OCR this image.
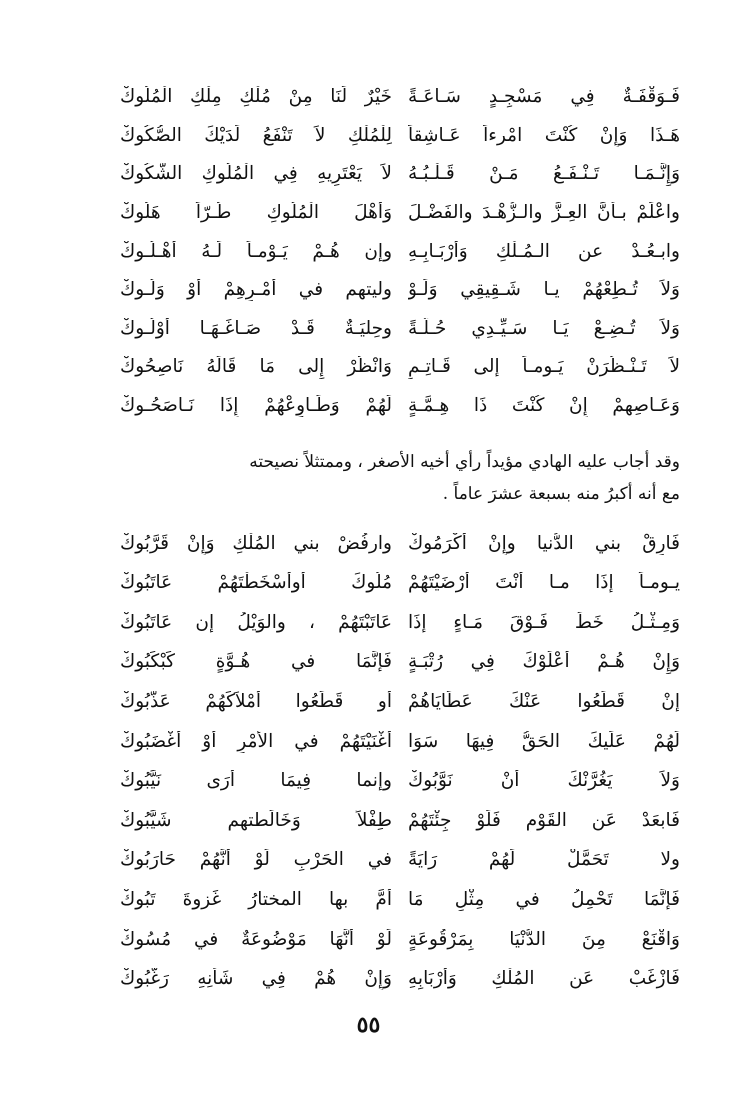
فَـوَقْفَـةٌ فِي مَسْجِـدٍ سَـاعَـةً
خَيْرٌ لَنَا مِنْ مُلْكِ مِلْكِ الْمُلُوكْ
هَـذَا وَإِنْ كُنْتَ امْرءاً عَـاشِقاً
لِلْمُلْكِ لاَ تَنْفَعُ لَدَيْكَ الصُّكُوكْ
وَإِنَّـمَـا تَـنْـفَـعُ مَـنْ قَـلْـبُـهُ
لاَ يَعْتَرِيهِ فِي الْمُلُوكِ الشُّكُوكْ
واعْلَمْ بـأنَّ العِـزَّ والـزُّهْـدَ والفَضْـلَ
وَأَهْلَ الْمُلُوكِ طُـرّاً هَلُوكْ
وابـعُـدْ عن الـمُـلْكِ وَأَرْبَـابِـهِ
وإن هُـمْ يَـوْمـاً لَـهُ أهْـلُـوكْ
وَلاَ تُـطِعْهُمْ يـا شَـقِيقِي وَلَـوْ
وليتهم في أَمْـرِهِمْ أَوْ وَلُـوكْ
وَلاَ تُـضِـعْ يَـا سَـيِّـدِي حُـلَّـةً
وحِليَـةٌ قَـدْ صَـاغَـهَـا أَوْلُـوكْ
لاَ تَـنْـظُرَنْ يَـومـاً إلى قَـاتِـمٍ
وَانْظُرْ إِلى مَا قَالَهُ نَاصِحُوكْ
وَعَـاصِهِمْ إِنْ كُنْتَ ذَا هِـمَّـةٍ
لَهُمْ وَطَـاوِعْهُمْ إِذَا نَـاصَحُـوكْ
وقد أجاب عليه الهادي مؤيداً رأي أخيه الأصغر ، وممتثلاً نصيحته
مع أنه أكبرُ منه بسبعة عشرَ عاماً .
فَارِقْ بني الدُّنيا وإِنْ أكْرَمُوكْ
وارفُضْ بني المُلْكِ وَإِنْ قَرَّبُوكْ
يـومـاً إذَا مـا أنْتَ أَرْضَيْتَهُمْ
مُلُوكَ أوأَسْخَطْتَهُمْ عَاتَبُوكْ
وَمِـثْـلُ خَطٍّ فَـوْقَ مَـاءٍ إذَا
عَاتَبْتَهُمْ ، والوَيْلُ إن عَاتَبُوكْ
وَإِنْ هُـمْ أَعْلَوْكَ فِي رُتْبَـةٍ
فَإنَّمَا في هُـوَّةٍ كَبْكَبُوكْ
إنْ قَطَعُوا عَنْكَ عَطَايَاهُمْ
أو قَطَعُوا أَمْلاَكَهُمْ عَذَّبُوكْ
لَهُمْ عَلَيكَ الحَقُّ فِيهَا سَوَا
أَغْنَيْتَهُمْ في الأمْرِ أَوْ أَغْضَبُوكْ
وَلاَ يَغُرَّنْكَ أَنْ نَوَّبُوكْ
وإنما فِيمَا أرَى نَيَّبُوكْ
فَابعَدْ عَنِ القَوْمِ فَلَوْ جِئْتَهُمْ
طِفْلاً وَخَالَطتهم شَيَّبُوكْ
ولا تَحَمَّلْ لَهُمْ رَايَةً
في الحَرْبِ لَوْ أَنَّهُمْ حَارَبُوكْ
فَإِنَّمَا تَحْمِلُ في مِثْلِ مَا
أَمَّ بها المختارُ غَزوةَ تَبُوكْ
وَاقْنَعْ مِنَ الدُّنْيَا بِمَرْقُوعَةٍ
لَوْ أَنَّهَا مَوْضُوعَةٌ في مُسُوكْ
فَازْغَبْ عَنِ المُلْكِ وَأَرْبَابِهِ
وَإِنْ هُمْ فِي شَأْنِهِ رَغَّبُوكْ
٥٥
